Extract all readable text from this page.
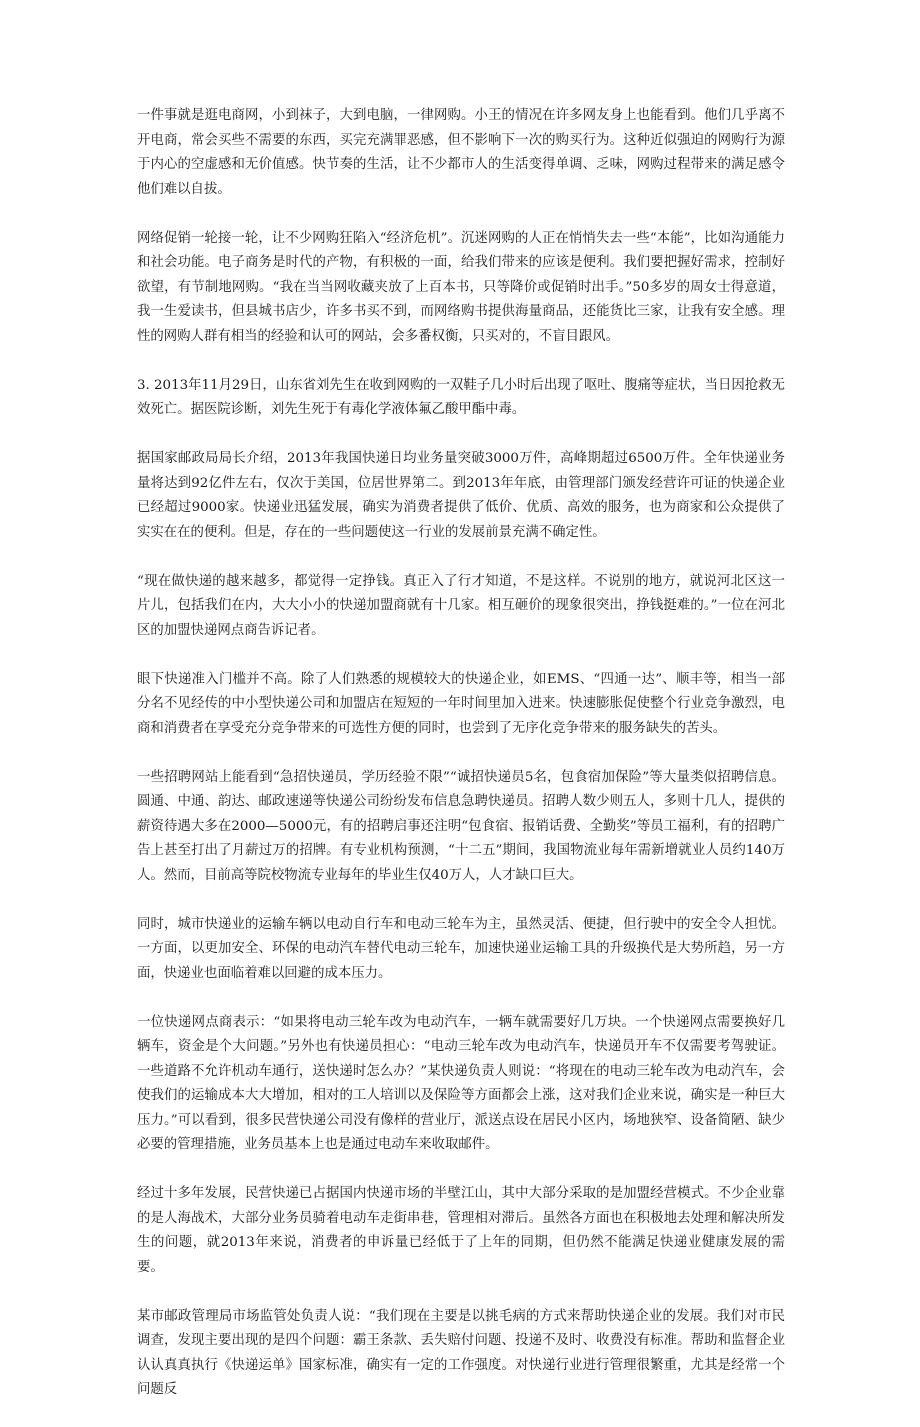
一件事就是逛电商网，小到袜子，大到电脑，一律网购。小王的情况在许多网友身上也能看到。他们几乎离不开电商，常会买些不需要的东西，买完充满罪恶感，但不影响下一次的购买行为。这种近似强迫的网购行为源于内心的空虚感和无价值感。快节奏的生活，让不少都市人的生活变得单调、乏味，网购过程带来的满足感令他们难以自拔。

网络促销一轮接一轮，让不少网购狂陷入“经济危机”。沉迷网购的人正在悄悄失去一些“本能”，比如沟通能力和社会功能。电子商务是时代的产物，有积极的一面，给我们带来的应该是便利。我们要把握好需求，控制好欲望，有节制地网购。“我在当当网收藏夹放了上百本书，只等降价或促销时出手。”50多岁的周女士得意道，我一生爱读书，但县城书店少，许多书买不到，而网络购书提供海量商品，还能货比三家，让我有安全感。理性的网购人群有相当的经验和认可的网站，会多番权衡，只买对的，不盲目跟风。

3. 2013年11月29日，山东省刘先生在收到网购的一双鞋子几小时后出现了呕吐、腹痛等症状，当日因抢救无效死亡。据医院诊断，刘先生死于有毒化学液体氟乙酸甲酯中毒。

据国家邮政局局长介绍，2013年我国快递日均业务量突破3000万件，高峰期超过6500万件。全年快递业务量将达到92亿件左右，仅次于美国，位居世界第二。到2013年年底，由管理部门颁发经营许可证的快递企业已经超过9000家。快递业迅猛发展，确实为消费者提供了低价、优质、高效的服务，也为商家和公众提供了实实在在的便利。但是，存在的一些问题使这一行业的发展前景充满不确定性。

“现在做快递的越来越多，都觉得一定挣钱。真正入了行才知道，不是这样。不说别的地方，就说河北区这一片儿，包括我们在内，大大小小的快递加盟商就有十几家。相互砸价的现象很突出，挣钱挺难的。”一位在河北区的加盟快递网点商告诉记者。

眼下快递准入门槛并不高。除了人们熟悉的规模较大的快递企业，如EMS、“四通一达”、顺丰等，相当一部分名不见经传的中小型快递公司和加盟店在短短的一年时间里加入进来。快速膨胀促使整个行业竞争激烈，电商和消费者在享受充分竞争带来的可选性方便的同时，也尝到了无序化竞争带来的服务缺失的苦头。

一些招聘网站上能看到“急招快递员，学历经验不限”“诚招快递员5名，包食宿加保险”等大量类似招聘信息。圆通、中通、韵达、邮政速递等快递公司纷纷发布信息急聘快递员。招聘人数少则五人，多则十几人，提供的薪资待遇大多在2000—5000元，有的招聘启事还注明“包食宿、报销话费、全勤奖”等员工福利，有的招聘广告上甚至打出了月薪过万的招牌。有专业机构预测，“十二五”期间，我国物流业每年需新增就业人员约140万人。然而，目前高等院校物流专业每年的毕业生仅40万人，人才缺口巨大。

同时，城市快递业的运输车辆以电动自行车和电动三轮车为主，虽然灵活、便捷，但行驶中的安全令人担忧。一方面，以更加安全、环保的电动汽车替代电动三轮车，加速快递业运输工具的升级换代是大势所趋，另一方面，快递业也面临着难以回避的成本压力。

一位快递网点商表示：“如果将电动三轮车改为电动汽车，一辆车就需要好几万块。一个快递网点需要换好几辆车，资金是个大问题。”另外也有快递员担心：“电动三轮车改为电动汽车，快递员开车不仅需要考驾驶证。一些道路不允许机动车通行，送快递时怎么办？”某快递负责人则说：“将现在的电动三轮车改为电动汽车，会使我们的运输成本大大增加，相对的工人培训以及保险等方面都会上涨，这对我们企业来说，确实是一种巨大压力。”可以看到，很多民营快递公司没有像样的营业厅，派送点设在居民小区内，场地狭窄、设备简陋、缺少必要的管理措施，业务员基本上也是通过电动车来收取邮件。

经过十多年发展，民营快递已占据国内快递市场的半壁江山，其中大部分采取的是加盟经营模式。不少企业靠的是人海战术，大部分业务员骑着电动车走街串巷，管理相对滞后。虽然各方面也在积极地去处理和解决所发生的问题，就2013年来说，消费者的申诉量已经低于了上年的同期，但仍然不能满足快递业健康发展的需要。

某市邮政管理局市场监管处负责人说：“我们现在主要是以挑毛病的方式来帮助快递企业的发展。我们对市民调查，发现主要出现的是四个问题：霸王条款、丢失赔付问题、投递不及时、收费没有标准。帮助和监督企业认认真真执行《快递运单》国家标准，确实有一定的工作强度。对快递行业进行管理很繁重，尤其是经常一个问题反
